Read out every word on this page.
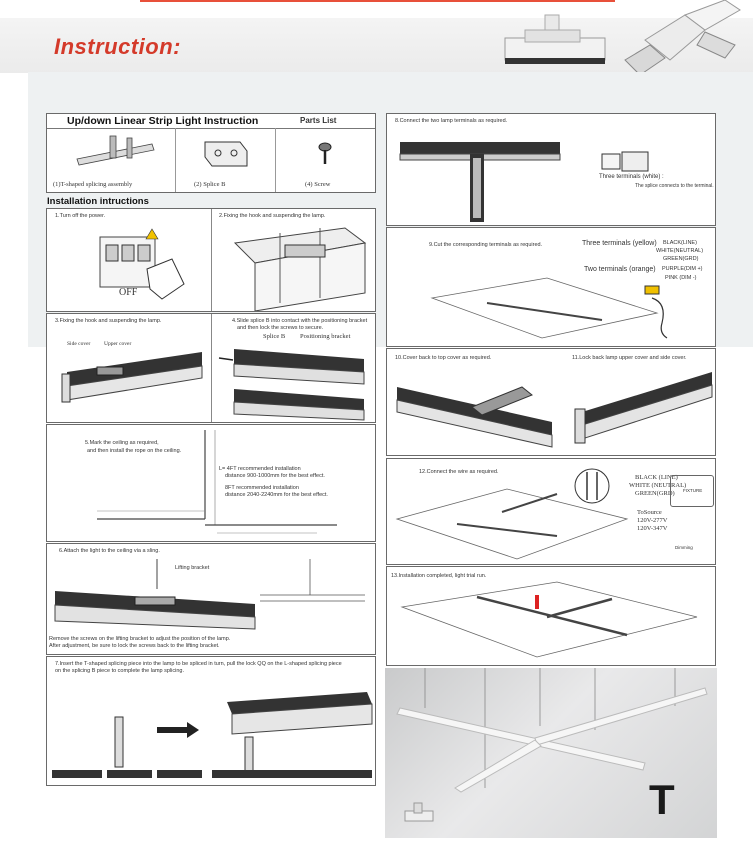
Instruction:
Up/down Linear Strip Light Instruction	Parts List
(1)T-shaped splicing assembly	(2) Splice B	(4) Screw
Installation intructions
1.Turn off the power.	2.Fixing the hook and suspending the lamp.
OFF
3.Fixing the hook and suspending the lamp.
Side cover Upper cover
4.Slide splice B into contact with the positioning bracket
and then lock the screws to secure.
Splice B Positioning bracket
5.Mark the ceiling as required,
and then install the rope on the ceiling.
L= 4FT recommended installation
distance 900-1000mm for the best effect.
8FT recommended installation
distance 2040-2240mm for the best effect.
6.Attach the light to the ceiling via a sling.
Lifting bracket
Remove the screws on the lifting bracket to adjust the position of the lamp.
After adjustment, be sure to lock the screws back to the lifting bracket.
7.Insert the T-shaped splicing piece into the lamp to be spliced in turn, pull the lock QQ on the L-shaped splicing piece
on the splicing B piece to complete the lamp splicing.
8.Connect the two lamp terminals as required.
Three terminals (white) :
The splice connects to the terminal.
9.Cut the corresponding terminals as required.	Three terminals (yellow) BLACK(LINE)
WHITE(NEUTRAL)
GREEN(GRD)
Two terminals (orange) PURPLE(DIM +)
PINK (DIM -)
10.Cover back to top cover as required.	11.Lock back lamp upper cover and side cover.
12.Connect the wire as required.
BLACK (LINE)
WHITE (NEUTRAL)
GREEN(GRD) FIXTURE
ToSource
120V-277V
120V-347V
Dimming
13.Installation completed, light trial run.
T
